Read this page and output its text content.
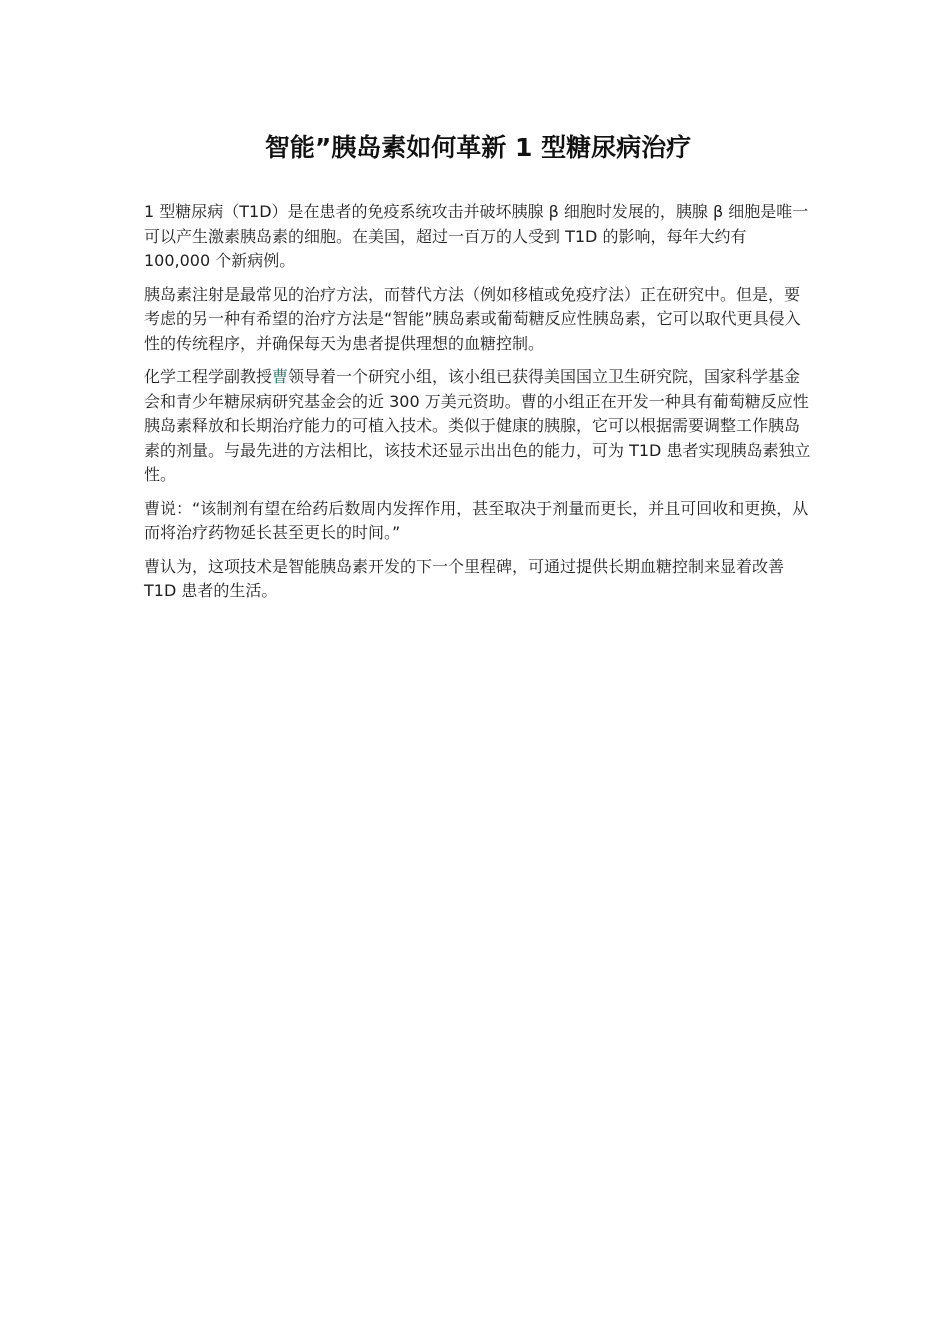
智能”胰岛素如何革新 1 型糖尿病治疗

1 型糖尿病（T1D）是在患者的免疫系统攻击并破坏胰腺 β 细胞时发展的，胰腺 β 细胞是唯一可以产生激素胰岛素的细胞。在美国，超过一百万的人受到 T1D 的影响，每年大约有 100,000 个新病例。

胰岛素注射是最常见的治疗方法，而替代方法（例如移植或免疫疗法）正在研究中。但是，要考虑的另一种有希望的治疗方法是“智能”胰岛素或葡萄糖反应性胰岛素，它可以取代更具侵入性的传统程序，并确保每天为患者提供理想的血糖控制。

化学工程学副教授曹领导着一个研究小组，该小组已获得美国国立卫生研究院，国家科学基金会和青少年糖尿病研究基金会的近 300 万美元资助。曹的小组正在开发一种具有葡萄糖反应性胰岛素释放和长期治疗能力的可植入技术。类似于健康的胰腺，它可以根据需要调整工作胰岛素的剂量。与最先进的方法相比，该技术还显示出出色的能力，可为 T1D 患者实现胰岛素独立性。

曹说：“该制剂有望在给药后数周内发挥作用，甚至取决于剂量而更长，并且可回收和更换，从而将治疗药物延长甚至更长的时间。”

曹认为，这项技术是智能胰岛素开发的下一个里程碑，可通过提供长期血糖控制来显着改善 T1D 患者的生活。
